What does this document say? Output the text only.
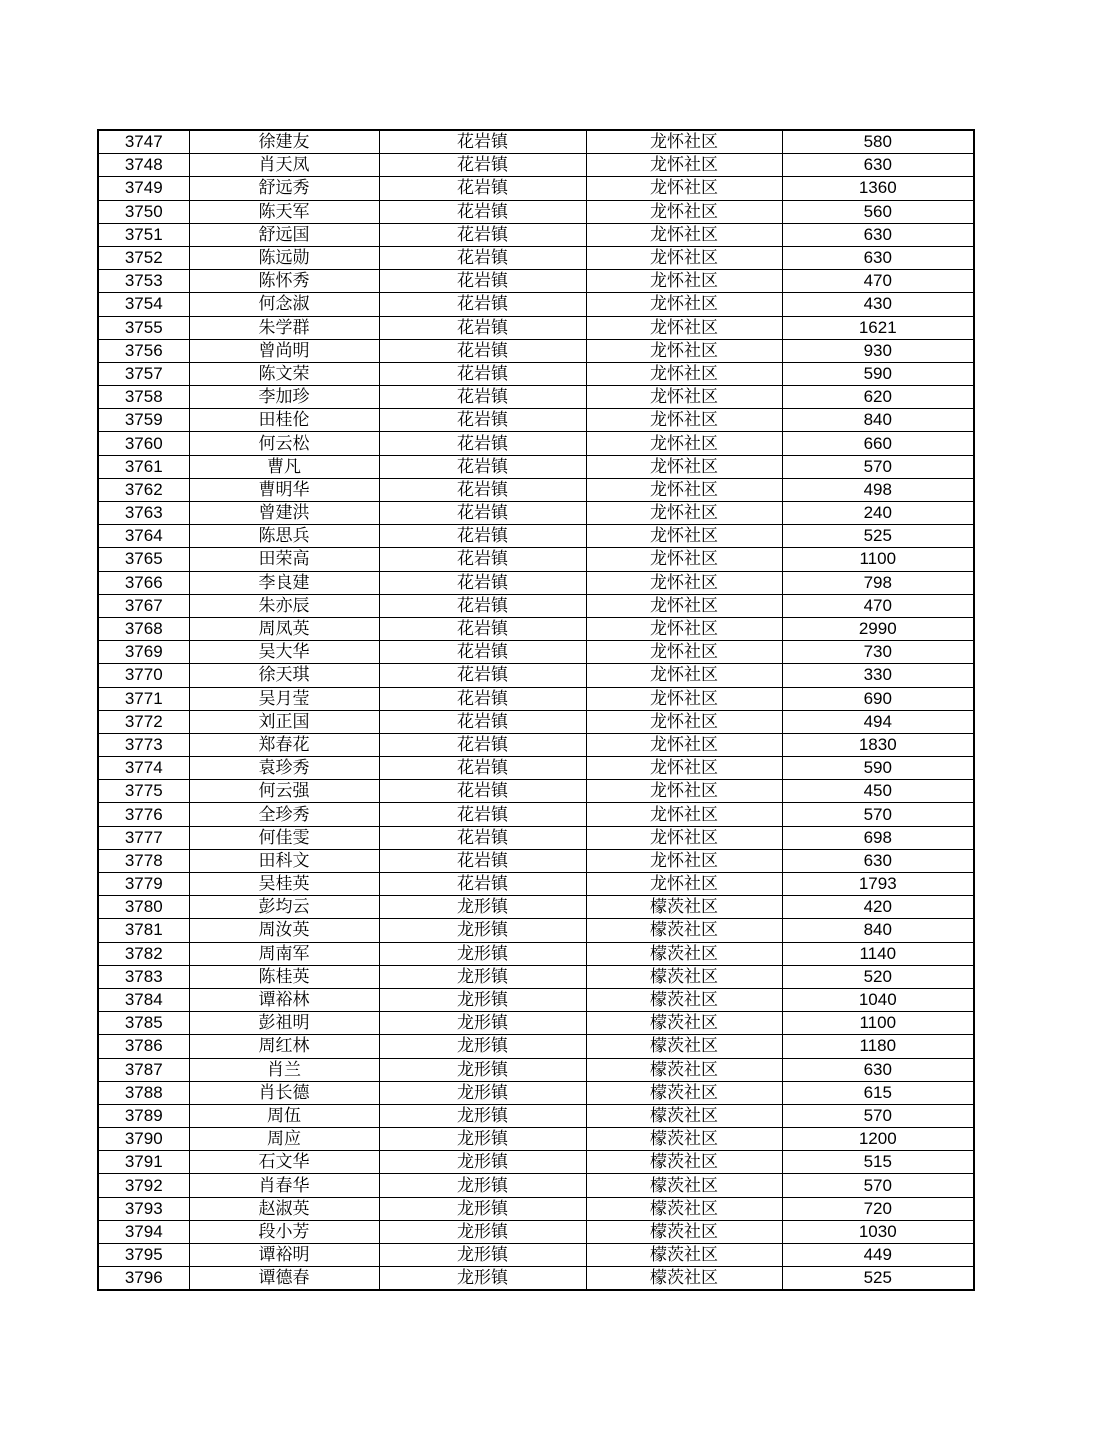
3747	徐建友	花岩镇	龙怀社区	580
3748	肖天凤	花岩镇	龙怀社区	630
3749	舒远秀	花岩镇	龙怀社区	1360
3750	陈天军	花岩镇	龙怀社区	560
3751	舒远国	花岩镇	龙怀社区	630
3752	陈远勋	花岩镇	龙怀社区	630
3753	陈怀秀	花岩镇	龙怀社区	470
3754	何念淑	花岩镇	龙怀社区	430
3755	朱学群	花岩镇	龙怀社区	1621
3756	曾尚明	花岩镇	龙怀社区	930
3757	陈文荣	花岩镇	龙怀社区	590
3758	李加珍	花岩镇	龙怀社区	620
3759	田桂伦	花岩镇	龙怀社区	840
3760	何云松	花岩镇	龙怀社区	660
3761	曹凡	花岩镇	龙怀社区	570
3762	曹明华	花岩镇	龙怀社区	498
3763	曾建洪	花岩镇	龙怀社区	240
3764	陈思兵	花岩镇	龙怀社区	525
3765	田荣高	花岩镇	龙怀社区	1100
3766	李良建	花岩镇	龙怀社区	798
3767	朱亦辰	花岩镇	龙怀社区	470
3768	周凤英	花岩镇	龙怀社区	2990
3769	吴大华	花岩镇	龙怀社区	730
3770	徐天琪	花岩镇	龙怀社区	330
3771	吴月莹	花岩镇	龙怀社区	690
3772	刘正国	花岩镇	龙怀社区	494
3773	郑春花	花岩镇	龙怀社区	1830
3774	袁珍秀	花岩镇	龙怀社区	590
3775	何云强	花岩镇	龙怀社区	450
3776	全珍秀	花岩镇	龙怀社区	570
3777	何佳雯	花岩镇	龙怀社区	698
3778	田科文	花岩镇	龙怀社区	630
3779	吴桂英	花岩镇	龙怀社区	1793
3780	彭均云	龙形镇	檬茨社区	420
3781	周汝英	龙形镇	檬茨社区	840
3782	周南军	龙形镇	檬茨社区	1140
3783	陈桂英	龙形镇	檬茨社区	520
3784	谭裕林	龙形镇	檬茨社区	1040
3785	彭祖明	龙形镇	檬茨社区	1100
3786	周红林	龙形镇	檬茨社区	1180
3787	肖兰	龙形镇	檬茨社区	630
3788	肖长德	龙形镇	檬茨社区	615
3789	周伍	龙形镇	檬茨社区	570
3790	周应	龙形镇	檬茨社区	1200
3791	石文华	龙形镇	檬茨社区	515
3792	肖春华	龙形镇	檬茨社区	570
3793	赵淑英	龙形镇	檬茨社区	720
3794	段小芳	龙形镇	檬茨社区	1030
3795	谭裕明	龙形镇	檬茨社区	449
3796	谭德春	龙形镇	檬茨社区	525
